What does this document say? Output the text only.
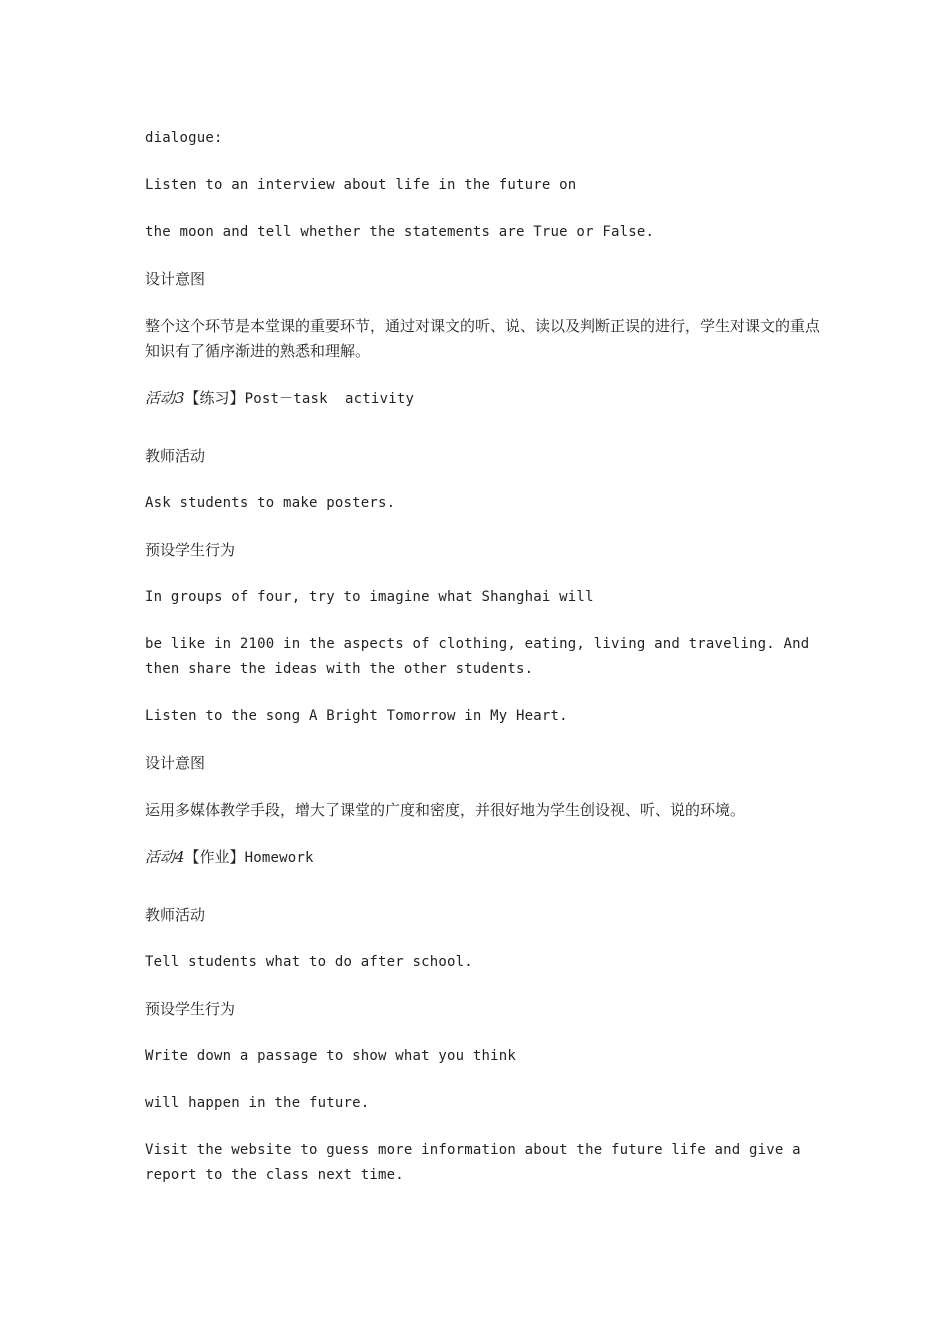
dialogue:

Listen to an interview about life in the future on

the moon and tell whether the statements are True or False.

设计意图

整个这个环节是本堂课的重要环节，通过对课文的听、说、读以及判断正误的进行，学生对课文的重点知识有了循序渐进的熟悉和理解。

活动3【练习】Post－task  activity

教师活动

Ask students to make posters.

预设学生行为

In groups of four, try to imagine what Shanghai will

be like in 2100 in the aspects of clothing, eating, living and traveling. And then share the ideas with the other students.

Listen to the song A Bright Tomorrow in My Heart.

设计意图

运用多媒体教学手段，增大了课堂的广度和密度，并很好地为学生创设视、听、说的环境。

活动4【作业】Homework

教师活动

Tell students what to do after school.

预设学生行为

Write down a passage to show what you think

will happen in the future.

Visit the website to guess more information about the future life and give a report to the class next time.
